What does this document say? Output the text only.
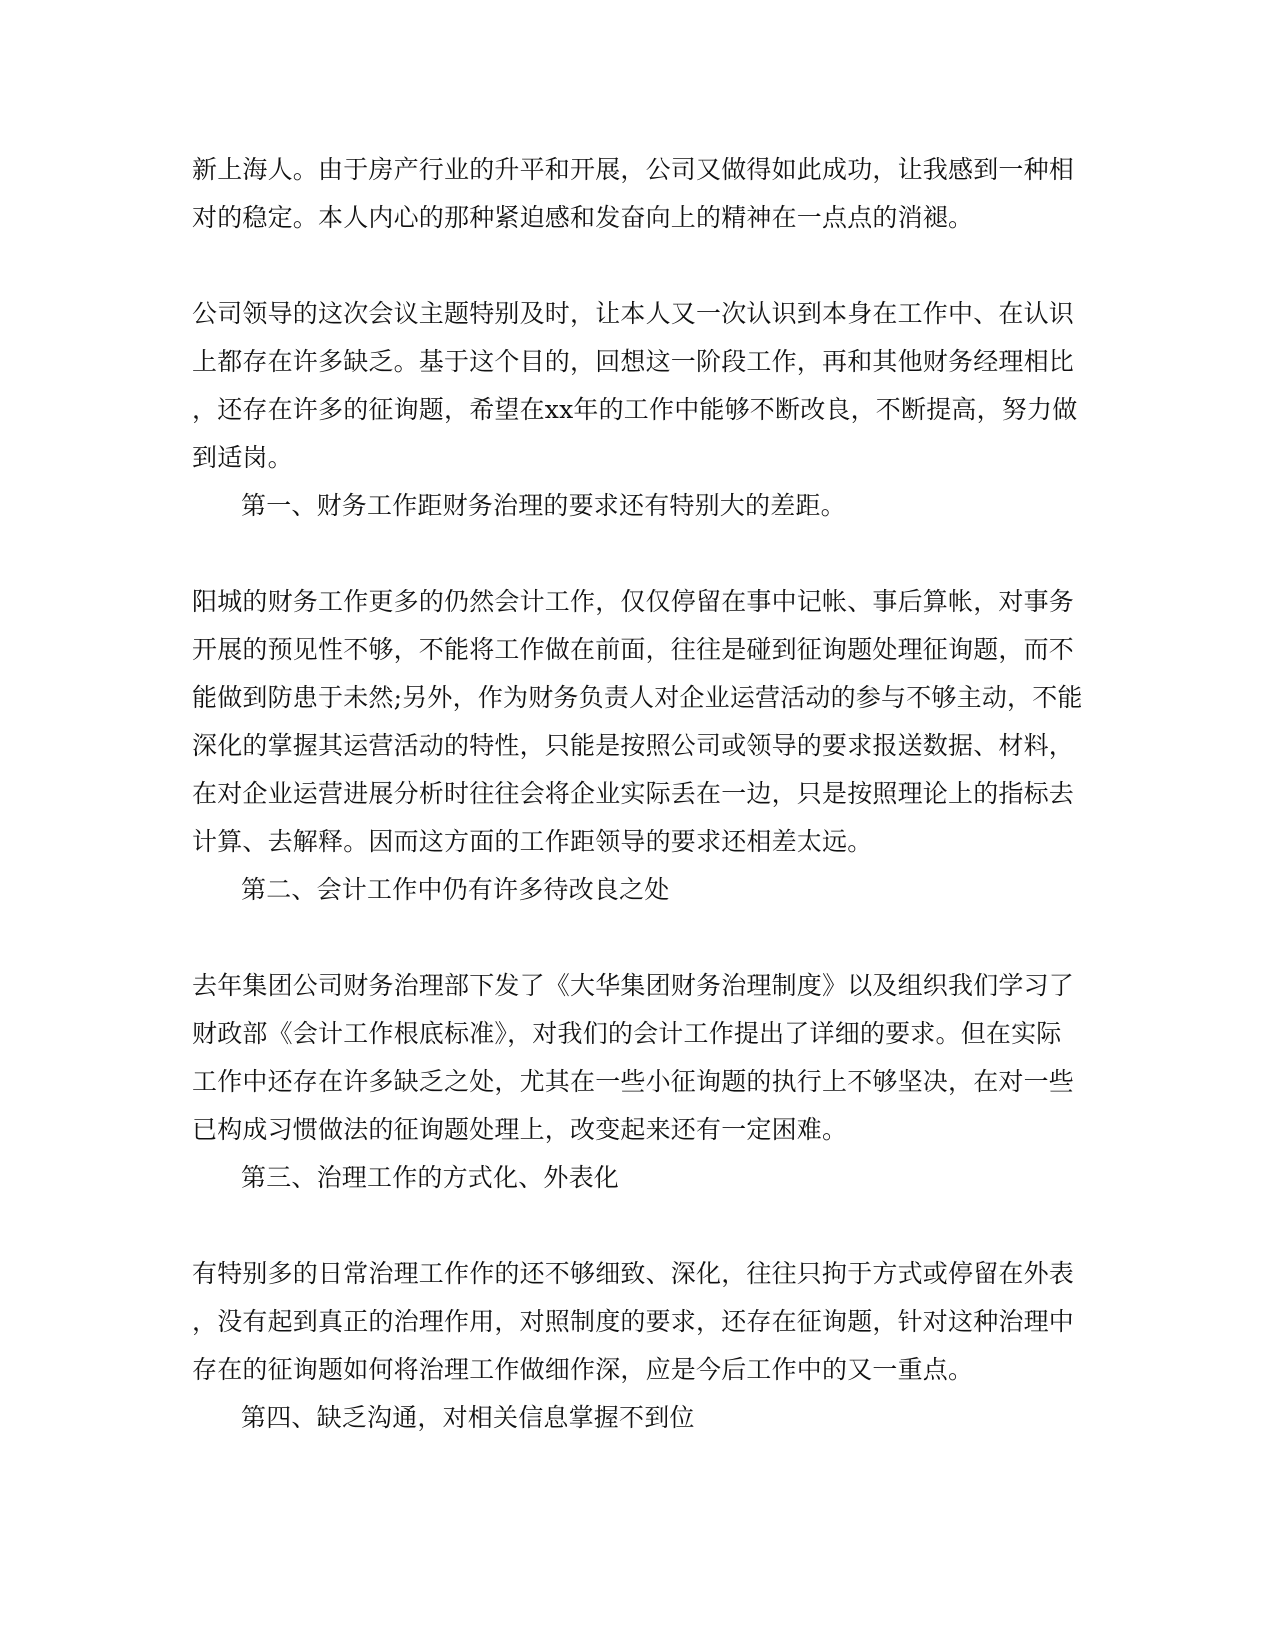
新上海人。由于房产行业的升平和开展，公司又做得如此成功，让我感到一种相
对的稳定。本人内心的那种紧迫感和发奋向上的精神在一点点的消褪。
公司领导的这次会议主题特别及时，让本人又一次认识到本身在工作中、在认识
上都存在许多缺乏。基于这个目的，回想这一阶段工作，再和其他财务经理相比
，还存在许多的征询题，希望在xx年的工作中能够不断改良，不断提高，努力做
到适岗。
第一、财务工作距财务治理的要求还有特别大的差距。
阳城的财务工作更多的仍然会计工作，仅仅停留在事中记帐、事后算帐，对事务
开展的预见性不够，不能将工作做在前面，往往是碰到征询题处理征询题，而不
能做到防患于未然;另外，作为财务负责人对企业运营活动的参与不够主动，不能
深化的掌握其运营活动的特性，只能是按照公司或领导的要求报送数据、材料，
在对企业运营进展分析时往往会将企业实际丢在一边，只是按照理论上的指标去
计算、去解释。因而这方面的工作距领导的要求还相差太远。
第二、会计工作中仍有许多待改良之处
去年集团公司财务治理部下发了《大华集团财务治理制度》以及组织我们学习了
财政部《会计工作根底标准》，对我们的会计工作提出了详细的要求。但在实际
工作中还存在许多缺乏之处，尤其在一些小征询题的执行上不够坚决，在对一些
已构成习惯做法的征询题处理上，改变起来还有一定困难。
第三、治理工作的方式化、外表化
有特别多的日常治理工作作的还不够细致、深化，往往只拘于方式或停留在外表
，没有起到真正的治理作用，对照制度的要求，还存在征询题，针对这种治理中
存在的征询题如何将治理工作做细作深，应是今后工作中的又一重点。
第四、缺乏沟通，对相关信息掌握不到位
